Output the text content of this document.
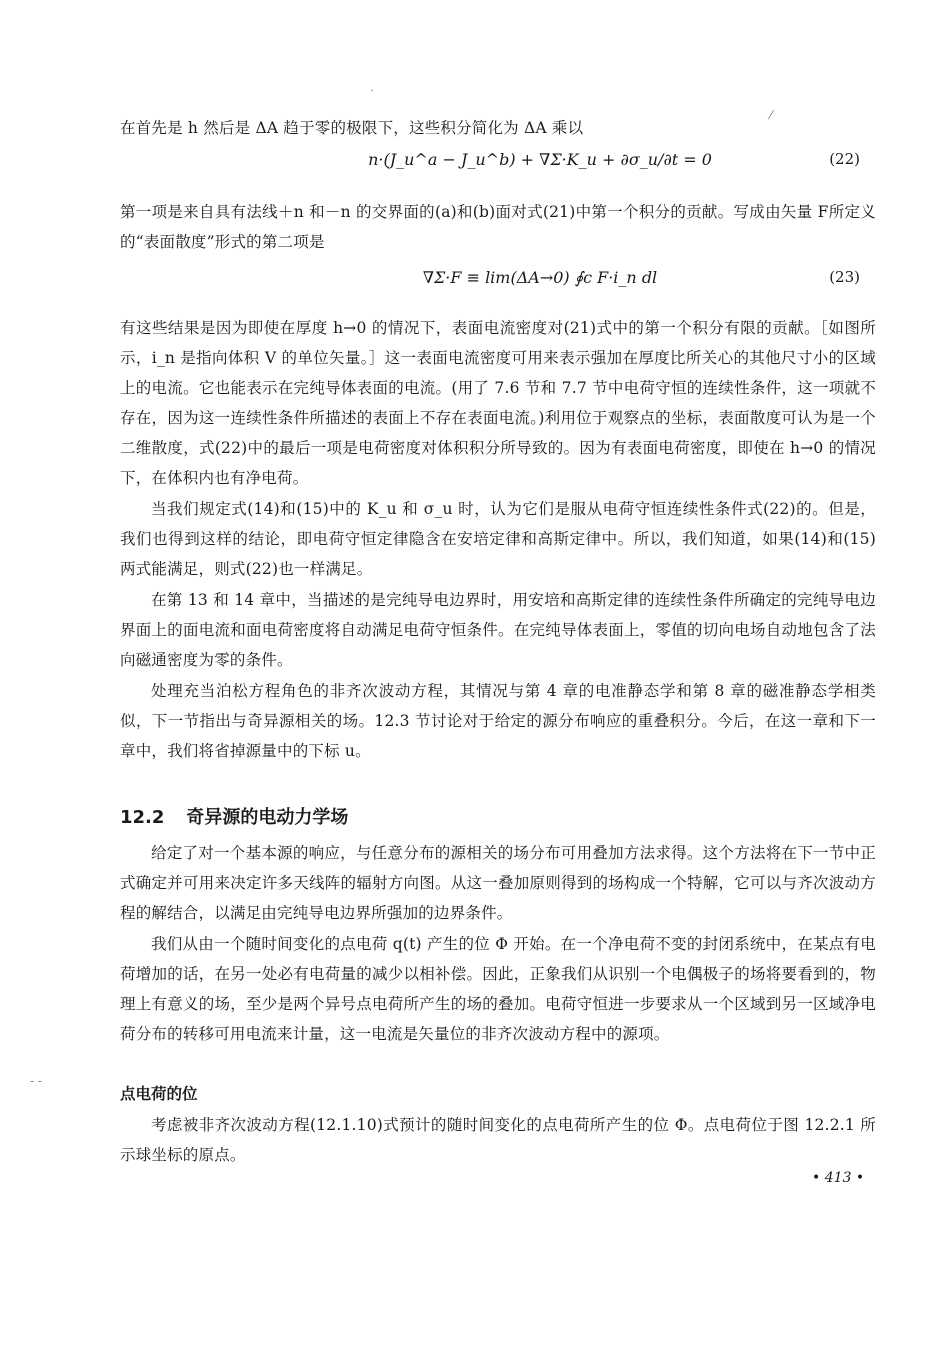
ˎ
⁄
在首先是 h 然后是 ΔA 趋于零的极限下，这些积分简化为 ΔA 乘以
n·(J_u^a − J_u^b) + ∇Σ·K_u + ∂σ_u/∂t = 0	(22)
第一项是来自具有法线＋n 和－n 的交界面的(a)和(b)面对式(21)中第一个积分的贡献。写成由矢量 F所定义的“表面散度”形式的第二项是
∇Σ·F ≡ lim(ΔA→0) ∮c F·i_n dl	(23)
有这些结果是因为即使在厚度 h→0 的情况下，表面电流密度对(21)式中的第一个积分有限的贡献。［如图所示，i_n 是指向体积 V 的单位矢量。］这一表面电流密度可用来表示强加在厚度比所关心的其他尺寸小的区域上的电流。它也能表示在完纯导体表面的电流。(用了 7.6 节和 7.7 节中电荷守恒的连续性条件，这一项就不存在，因为这一连续性条件所描述的表面上不存在表面电流。)利用位于观察点的坐标，表面散度可认为是一个二维散度，式(22)中的最后一项是电荷密度对体积积分所导致的。因为有表面电荷密度，即使在 h→0 的情况下，在体积内也有净电荷。
当我们规定式(14)和(15)中的 K_u 和 σ_u 时，认为它们是服从电荷守恒连续性条件式(22)的。但是，我们也得到这样的结论，即电荷守恒定律隐含在安培定律和高斯定律中。所以，我们知道，如果(14)和(15)两式能满足，则式(22)也一样满足。
在第 13 和 14 章中，当描述的是完纯导电边界时，用安培和高斯定律的连续性条件所确定的完纯导电边界面上的面电流和面电荷密度将自动满足电荷守恒条件。在完纯导体表面上，零值的切向电场自动地包含了法向磁通密度为零的条件。
处理充当泊松方程角色的非齐次波动方程，其情况与第 4 章的电准静态学和第 8 章的磁准静态学相类似，下一节指出与奇异源相关的场。12.3 节讨论对于给定的源分布响应的重叠积分。今后，在这一章和下一章中，我们将省掉源量中的下标 u。
12.2 奇异源的电动力学场
给定了对一个基本源的响应，与任意分布的源相关的场分布可用叠加方法求得。这个方法将在下一节中正式确定并可用来决定许多天线阵的辐射方向图。从这一叠加原则得到的场构成一个特解，它可以与齐次波动方程的解结合，以满足由完纯导电边界所强加的边界条件。
我们从由一个随时间变化的点电荷 q(t) 产生的位 Φ 开始。在一个净电荷不变的封闭系统中，在某点有电荷增加的话，在另一处必有电荷量的减少以相补偿。因此，正象我们从识别一个电偶极子的场将要看到的，物理上有意义的场，至少是两个异号点电荷所产生的场的叠加。电荷守恒进一步要求从一个区域到另一区域净电荷分布的转移可用电流来计量，这一电流是矢量位的非齐次波动方程中的源项。
‐ ‐
点电荷的位
考虑被非齐次波动方程(12.1.10)式预计的随时间变化的点电荷所产生的位 Φ。点电荷位于图 12.2.1 所示球坐标的原点。
• 413 •
